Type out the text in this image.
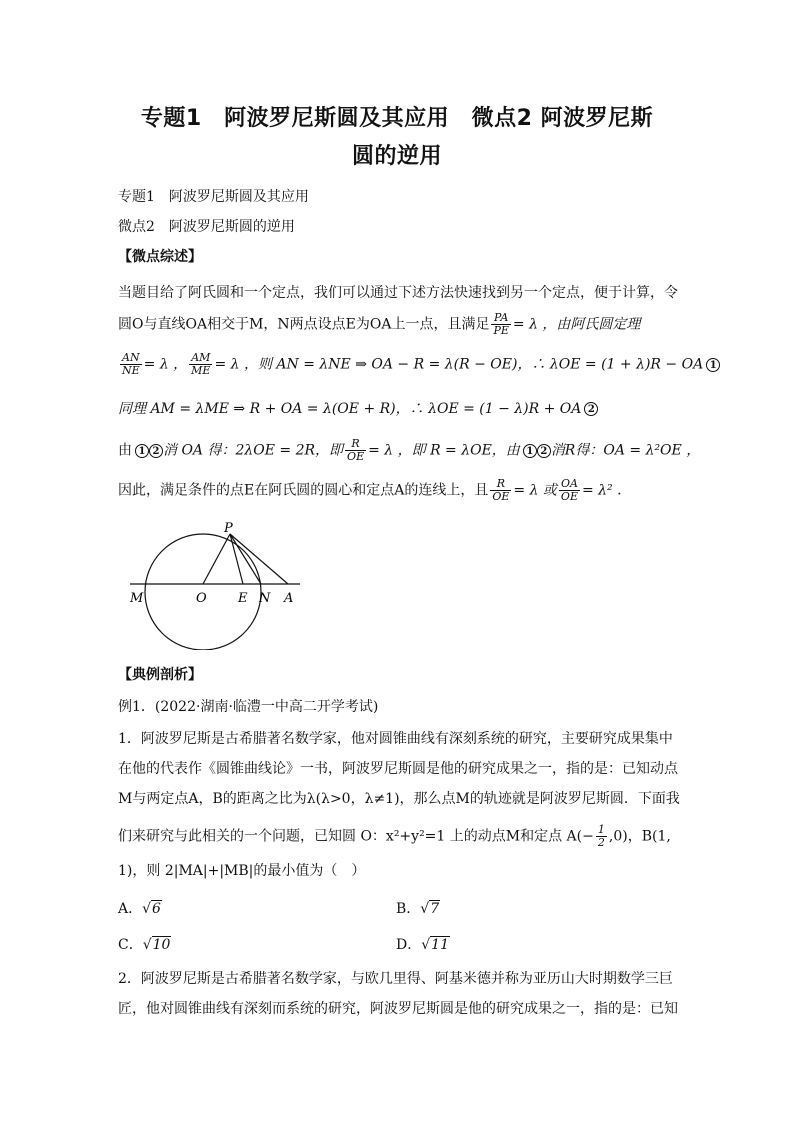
专题1　阿波罗尼斯圆及其应用　微点2 阿波罗尼斯
圆的逆用
专题1　阿波罗尼斯圆及其应用
微点2　阿波罗尼斯圆的逆用
【微点综述】
当题目给了阿氏圆和一个定点，我们可以通过下述方法快速找到另一个定点，便于计算，令
圆O与直线OA相交于M，N两点设点E为OA上一点，且满足 $\frac{PA}{PE} = \lambda$ ，由阿氏圆定理
$\frac{AN}{NE} = \lambda$ ， $\frac{AM}{ME} = \lambda$ ，则 AN = λNE ⇒ OA − R = λ(R − OE)，∴ λOE = (1 + λ)R − OA 1
同理 AM = λME ⇒ R + OA = λ(OE + R)，∴ λOE = (1 − λ)R + OA 2
由 1 2 消 OA 得：2λOE = 2R，即 $\frac{R}{OE} = \lambda$ ，即 R = λOE，由 1 2 消R得：OA = λ²OE ，
因此，满足条件的点E在阿氏圆的圆心和定点A的连线上，且 $\frac{R}{OE} = \lambda$ 或 $\frac{OA}{OE} = \lambda^2$ .
P
M	O E N A
【典例剖析】
例1．(2022·湖南·临澧一中高二开学考试)
1．阿波罗尼斯是古希腊著名数学家，他对圆锥曲线有深刻系统的研究，主要研究成果集中
在他的代表作《圆锥曲线论》一书，阿波罗尼斯圆是他的研究成果之一，指的是：已知动点
M与两定点A，B的距离之比为λ(λ>0，λ≠1)，那么点M的轨迹就是阿波罗尼斯圆．下面我
们来研究与此相关的一个问题，已知圆 O：x²+y²=1 上的动点M和定点 $A(- \frac{1}{2} ,0)$，B(1,
1)，则 2|MA|+|MB|的最小值为（　）
A．√6	B．√7
C．√10	D．√11
2．阿波罗尼斯是古希腊著名数学家，与欧几里得、阿基米德并称为亚历山大时期数学三巨
匠，他对圆锥曲线有深刻而系统的研究，阿波罗尼斯圆是他的研究成果之一，指的是：已知
